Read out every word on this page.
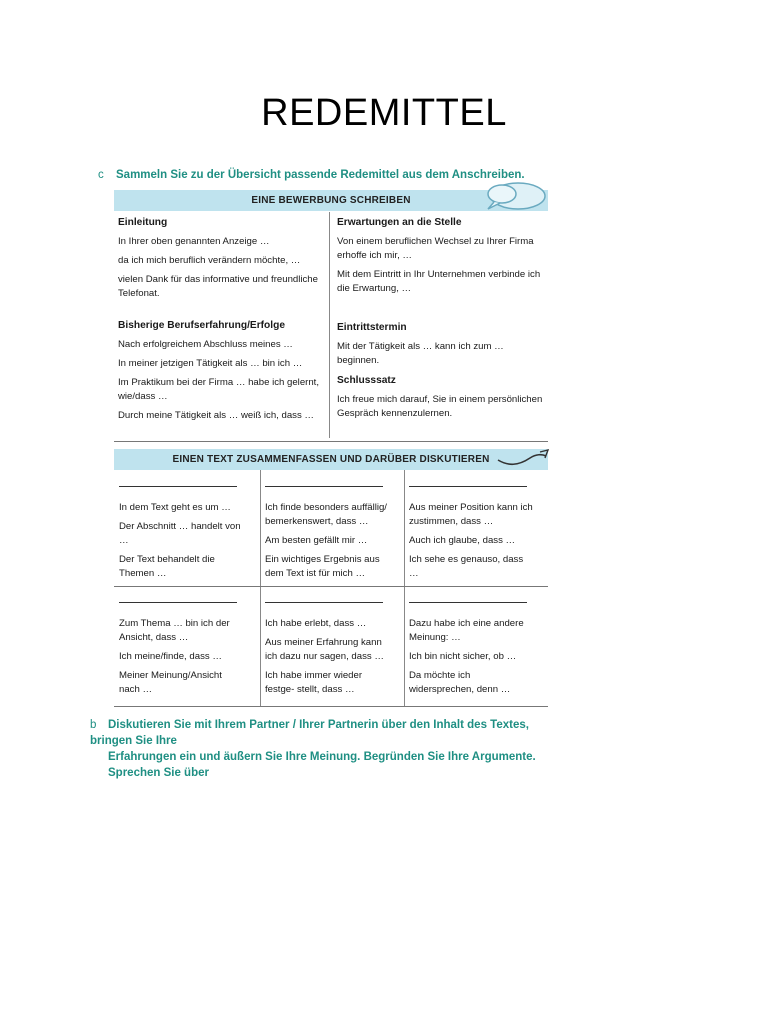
REDEMITTEL
c Sammeln Sie zu der Übersicht passende Redemittel aus dem Anschreiben.
EINE BEWERBUNG SCHREIBEN
Einleitung
In Ihrer oben genannten Anzeige …
da ich mich beruflich verändern möchte, …
vielen Dank für das informative und freundliche Telefonat.
Bisherige Berufserfahrung/Erfolge
Nach erfolgreichem Abschluss meines …
In meiner jetzigen Tätigkeit als … bin ich …
Im Praktikum bei der Firma … habe ich gelernt, wie/dass …
Durch meine Tätigkeit als … weiß ich, dass …
Erwartungen an die Stelle
Von einem beruflichen Wechsel zu Ihrer Firma erhoffe ich mir, …
Mit dem Eintritt in Ihr Unternehmen verbinde ich die Erwartung, …
Eintrittstermin
Mit der Tätigkeit als … kann ich zum … beginnen.
Schlusssatz
Ich freue mich darauf, Sie in einem persönlichen Gespräch kennenzulernen.
EINEN TEXT ZUSAMMENFASSEN UND DARÜBER DISKUTIEREN
In dem Text geht es um …
Der Abschnitt … handelt von …
Der Text behandelt die Themen …
Ich finde besonders auffällig/ bemerkenswert, dass …
Am besten gefällt mir …
Ein wichtiges Ergebnis aus dem Text ist für mich …
Aus meiner Position kann ich zustimmen, dass …
Auch ich glaube, dass …
Ich sehe es genauso, dass …
Zum Thema … bin ich der Ansicht, dass …
Ich meine/finde, dass …
Meiner Meinung/Ansicht nach …
Ich habe erlebt, dass …
Aus meiner Erfahrung kann ich dazu nur sagen, dass …
Ich habe immer wieder festge- stellt, dass …
Dazu habe ich eine andere Meinung: …
Ich bin nicht sicher, ob …
Da möchte ich widersprechen, denn …
b Diskutieren Sie mit Ihrem Partner / Ihrer Partnerin über den Inhalt des Textes, bringen Sie Ihre
Erfahrungen ein und äußern Sie Ihre Meinung. Begründen Sie Ihre Argumente. Sprechen Sie über
